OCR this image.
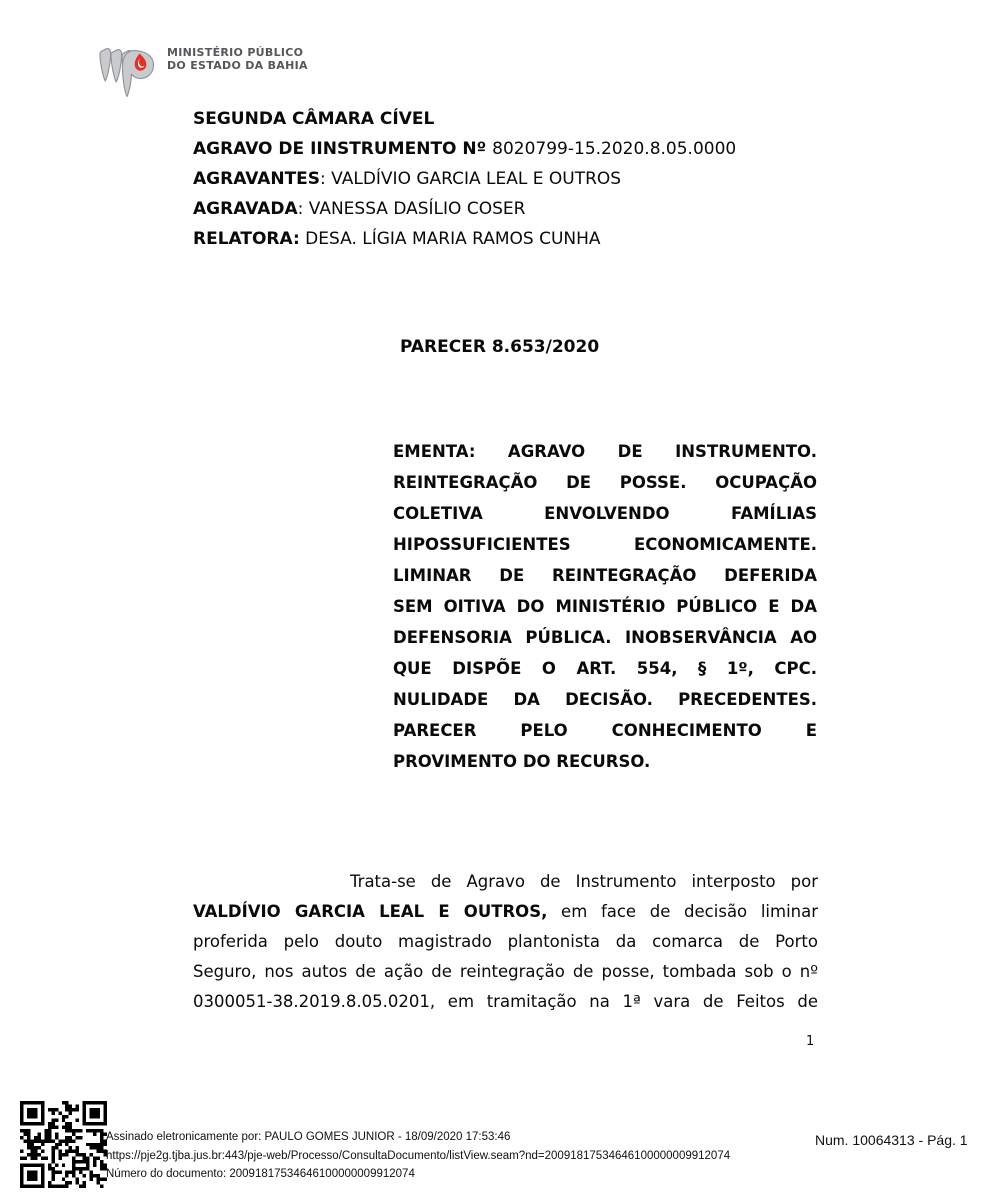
MINISTÉRIO PÚBLICO
DO ESTADO DA BAHIA
SEGUNDA CÂMARA CÍVEL
AGRAVO DE IINSTRUMENTO Nº 8020799-15.2020.8.05.0000
AGRAVANTES: VALDÍVIO GARCIA LEAL E OUTROS
AGRAVADA: VANESSA DASÍLIO COSER
RELATORA: DESA. LÍGIA MARIA RAMOS CUNHA
PARECER 8.653/2020
EMENTA: AGRAVO DE INSTRUMENTO.
REINTEGRAÇÃO DE POSSE. OCUPAÇÃO
COLETIVA ENVOLVENDO FAMÍLIAS
HIPOSSUFICIENTES ECONOMICAMENTE.
LIMINAR DE REINTEGRAÇÃO DEFERIDA
SEM OITIVA DO MINISTÉRIO PÚBLICO E DA
DEFENSORIA PÚBLICA. INOBSERVÂNCIA AO
QUE DISPÕE O ART. 554, § 1º, CPC.
NULIDADE DA DECISÃO. PRECEDENTES.
PARECER PELO CONHECIMENTO E
PROVIMENTO DO RECURSO.
Trata-se de Agravo de Instrumento interposto por
VALDÍVIO GARCIA LEAL E OUTROS, em face de decisão liminar
proferida pelo douto magistrado plantonista da comarca de Porto
Seguro, nos autos de ação de reintegração de posse, tombada sob o nº
0300051-38.2019.8.05.0201, em tramitação na 1ª vara de Feitos de
1
Assinado eletronicamente por: PAULO GOMES JUNIOR - 18/09/2020 17:53:46
https://pje2g.tjba.jus.br:443/pje-web/Processo/ConsultaDocumento/listView.seam?nd=20091817534646100000009912074
Número do documento: 20091817534646100000009912074
Num. 10064313 - Pág. 1
